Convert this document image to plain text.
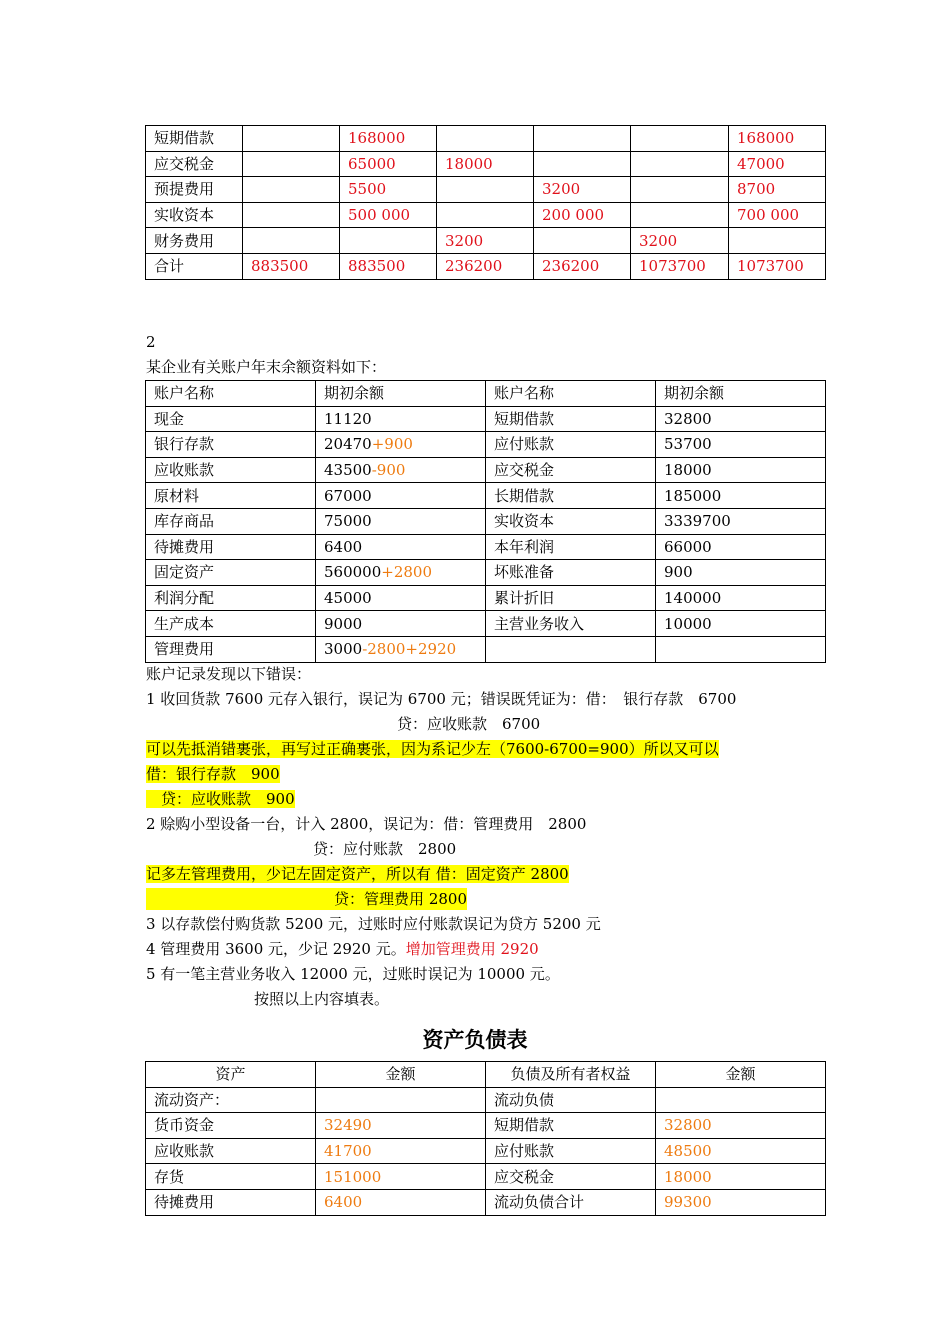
短期借款		168000				168000
应交税金		65000	18000			47000
预提费用		5500		3200		8700
实收资本		500 000		200 000		700 000
财务费用			3200		3200	
合计	883500	883500	236200	236200	1073700	1073700
2
某企业有关账户年末余额资料如下：
账户名称	期初余额	账户名称	期初余额
现金	11120	短期借款	32800
银行存款	20470+900	应付账款	53700
应收账款	43500-900	应交税金	18000
原材料	67000	长期借款	185000
库存商品	75000	实收资本	3339700
待摊费用	6400	本年利润	66000
固定资产	560000+2800	坏账准备	900
利润分配	45000	累计折旧	140000
生产成本	9000	主营业务收入	10000
管理费用	3000-2800+2920		
账户记录发现以下错误：
1 收回货款 7600 元存入银行，误记为 6700 元；错误既凭证为：借：　银行存款　6700
贷：应收账款　6700
可以先抵消错裹张，再写过正确裹张，因为系记少左（7600-6700=900）所以又可以
借：银行存款　900
　贷：应收账款　900
2 赊购小型设备一台，计入 2800，误记为：借：管理费用　2800
贷：应付账款　2800
记多左管理费用，少记左固定资产，所以有 借：固定资产 2800
贷：管理费用 2800
3 以存款偿付购货款 5200 元，过账时应付账款误记为贷方 5200 元
4 管理费用 3600 元，少记 2920 元。增加管理费用 2920
5 有一笔主营业务收入 12000 元，过账时误记为 10000 元。
按照以上内容填表。
资产负债表
资产	金额	负债及所有者权益	金额
流动资产：		流动负债	
货币资金	32490	短期借款	32800
应收账款	41700	应付账款	48500
存货	151000	应交税金	18000
待摊费用	6400	流动负债合计	99300
